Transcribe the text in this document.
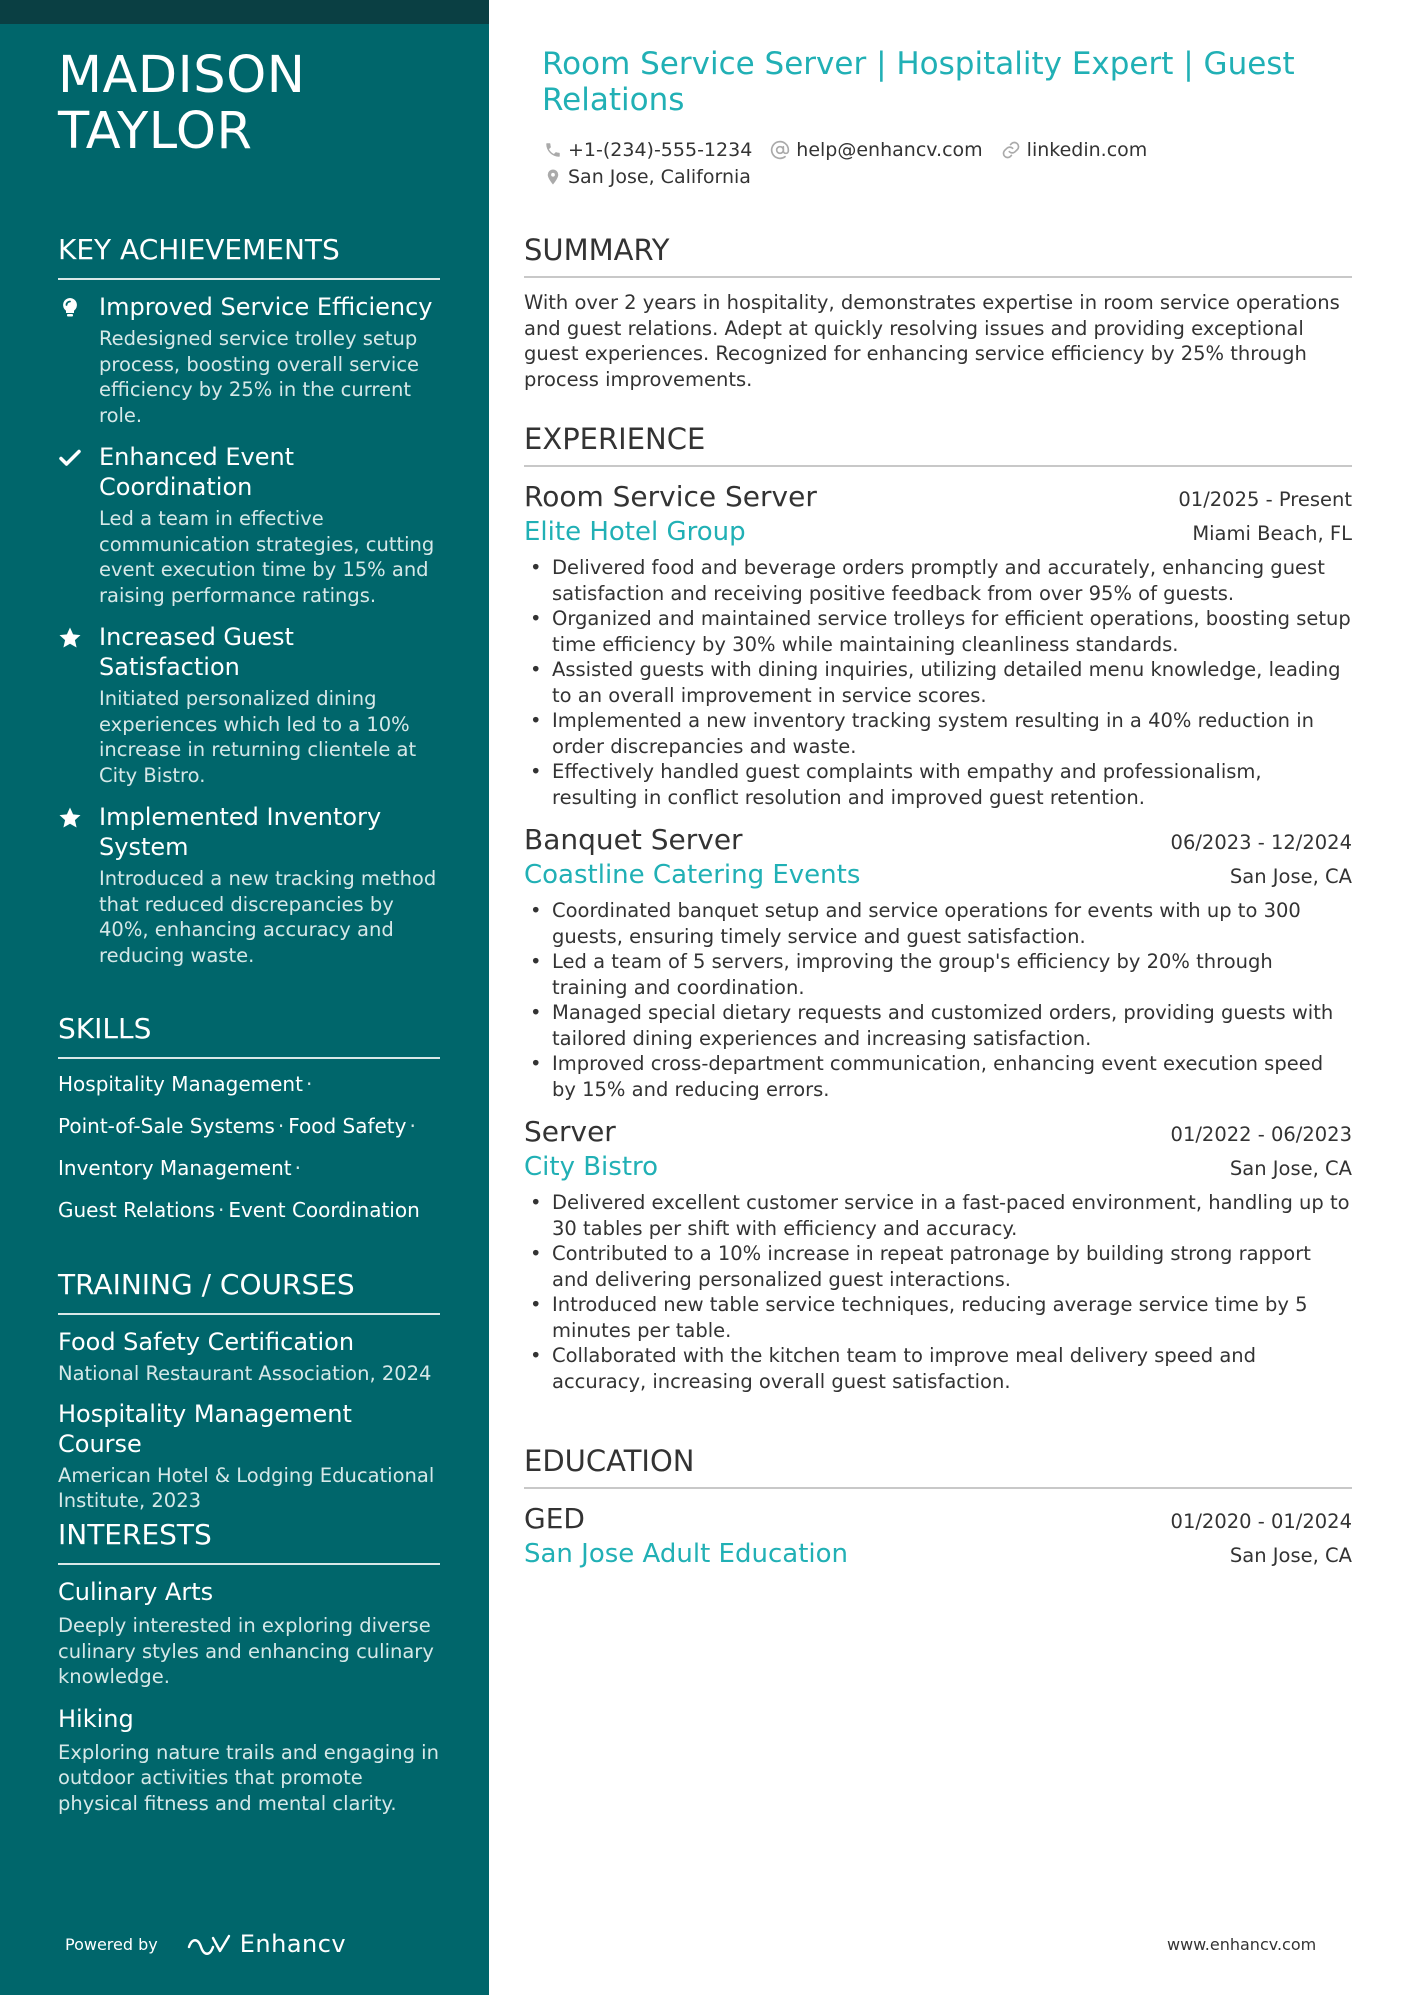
MADISON TAYLOR
KEY ACHIEVEMENTS
Improved Service Efficiency
Redesigned service trolley setup process, boosting overall service efficiency by 25% in the current role.
Enhanced Event Coordination
Led a team in effective communication strategies, cutting event execution time by 15% and raising performance ratings.
Increased Guest Satisfaction
Initiated personalized dining experiences which led to a 10% increase in returning clientele at City Bistro.
Implemented Inventory System
Introduced a new tracking method that reduced discrepancies by 40%, enhancing accuracy and reducing waste.
SKILLS
Hospitality Management ·
Point-of-Sale Systems · Food Safety ·
Inventory Management ·
Guest Relations · Event Coordination
TRAINING / COURSES
Food Safety Certification
National Restaurant Association, 2024
Hospitality Management Course
American Hotel & Lodging Educational Institute, 2023
INTERESTS
Culinary Arts
Deeply interested in exploring diverse culinary styles and enhancing culinary knowledge.
Hiking
Exploring nature trails and engaging in outdoor activities that promote physical fitness and mental clarity.
Powered by	Enhancv
Room Service Server | Hospitality Expert | Guest Relations
+1-(234)-555-1234 help@enhancv.com linkedin.com
San Jose, California
SUMMARY

With over 2 years in hospitality, demonstrates expertise in room service operations and guest relations. Adept at quickly resolving issues and providing exceptional guest experiences. Recognized for enhancing service efficiency by 25% through process improvements.

EXPERIENCE
Room Service Server	01/2025 - Present
Elite Hotel Group	Miami Beach, FL
• Delivered food and beverage orders promptly and accurately, enhancing guest satisfaction and receiving positive feedback from over 95% of guests.
• Organized and maintained service trolleys for efficient operations, boosting setup time efficiency by 30% while maintaining cleanliness standards.
• Assisted guests with dining inquiries, utilizing detailed menu knowledge, leading to an overall improvement in service scores.
• Implemented a new inventory tracking system resulting in a 40% reduction in order discrepancies and waste.
• Effectively handled guest complaints with empathy and professionalism, resulting in conflict resolution and improved guest retention.
Banquet Server	06/2023 - 12/2024
Coastline Catering Events	San Jose, CA
• Coordinated banquet setup and service operations for events with up to 300 guests, ensuring timely service and guest satisfaction.
• Led a team of 5 servers, improving the group's efficiency by 20% through training and coordination.
• Managed special dietary requests and customized orders, providing guests with tailored dining experiences and increasing satisfaction.
• Improved cross-department communication, enhancing event execution speed by 15% and reducing errors.
Server	01/2022 - 06/2023
City Bistro	San Jose, CA
• Delivered excellent customer service in a fast-paced environment, handling up to 30 tables per shift with efficiency and accuracy.
• Contributed to a 10% increase in repeat patronage by building strong rapport and delivering personalized guest interactions.
• Introduced new table service techniques, reducing average service time by 5 minutes per table.
• Collaborated with the kitchen team to improve meal delivery speed and accuracy, increasing overall guest satisfaction.
EDUCATION
GED	01/2020 - 01/2024
San Jose Adult Education	San Jose, CA
www.enhancv.com
